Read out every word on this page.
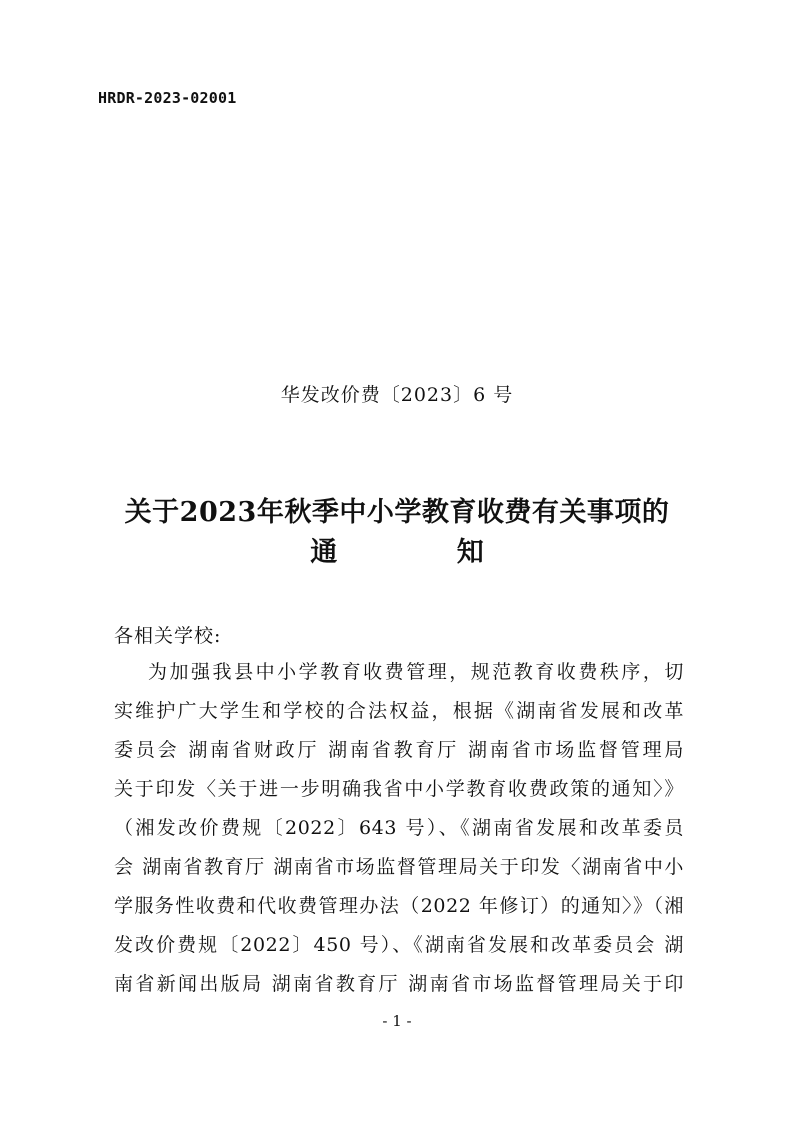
HRDR-2023-02001
华发改价费〔2023〕6 号
关于2023年秋季中小学教育收费有关事项的
通 知
各相关学校:
为加强我县中小学教育收费管理，规范教育收费秩序，切
实维护广大学生和学校的合法权益，根据《湖南省发展和改革
委员会 湖南省财政厅 湖南省教育厅 湖南省市场监督管理局
关于印发〈关于进一步明确我省中小学教育收费政策的通知〉》
（湘发改价费规〔2022〕643 号）、《湖南省发展和改革委员
会 湖南省教育厅 湖南省市场监督管理局关于印发〈湖南省中小
学服务性收费和代收费管理办法（2022 年修订）的通知〉》（湘
发改价费规〔2022〕450 号）、《湖南省发展和改革委员会 湖
南省新闻出版局 湖南省教育厅 湖南省市场监督管理局关于印
- 1 -
